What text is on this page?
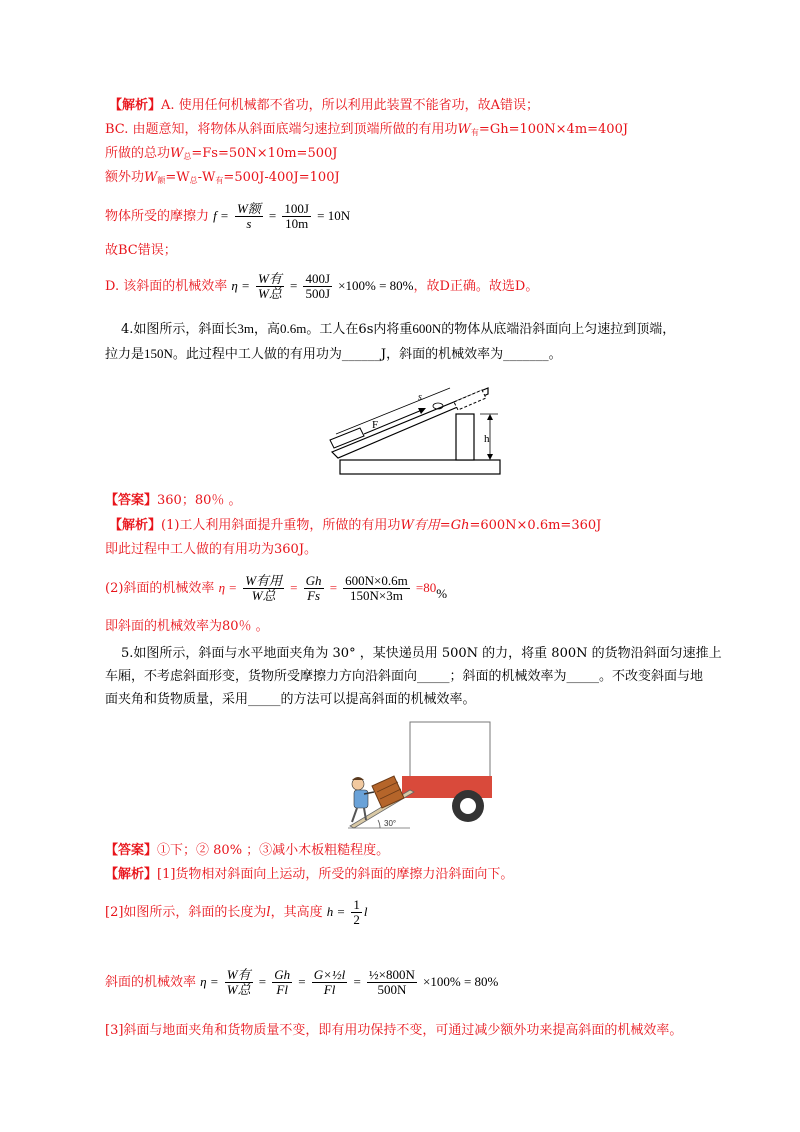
【解析】A. 使用任何机械都不省功，所以利用此装置不能省功，故A错误；
BC. 由题意知，将物体从斜面底端匀速拉到顶端所做的有用功$W_有=Gh=100N\times 4m=400J$
所做的总功$W_总=Fs=50N\times 10m=500J$
额外功$W_额=W_总-W_有=500J-400J=100J$
物体所受的摩擦力 $f = \frac{\text{W额}}{s} = \frac{100J}{10m} = 10N$
故BC错误；
D. 该斜面的机械效率 $\eta = \frac{\text{W有}}{\text{W总}} = \frac{400J}{500J} \times 100\% = 80\%$，故D正确。故选D。
4.如图所示，斜面长3m，高0.6m。工人在6s内将重600N的物体从底端沿斜面向上匀速拉到顶端，
拉力是150N。此过程中工人做的有用功为______J，斜面的机械效率为_______。
h
F
s
【答案】360；80％ 。
【解析】(1)工人利用斜面提升重物，所做的有用功W有用=Gh=600N×0.6m=360J
即此过程中工人做的有用功为360J。
(2)斜面的机械效率 $\eta = \frac{\text{W有用}}{\text{W总}} = \frac{Gh}{Fs} = \frac{600N\times 0.6m}{150N\times 3m} =80\%$
即斜面的机械效率为80％ 。
5.如图所示，斜面与水平地面夹角为 30° ，某快递员用 500N 的力，将重 800N 的货物沿斜面匀速推上
车厢，不考虑斜面形变，货物所受摩擦力方向沿斜面向_____；斜面的机械效率为_____。不改变斜面与地
面夹角和货物质量，采用_____的方法可以提高斜面的机械效率。
30°
【答案】①下；② 80% ；③减小木板粗糙程度。
【解析】[1]货物相对斜面向上运动，所受的斜面的摩擦力沿斜面向下。
[2]如图所示，斜面的长度为l，其高度 $h = \frac{1}{2}$ l
斜面的机械效率 $\eta = \frac{\text{W有}}{\text{W总}} = \frac{Gh}{Fl} = \frac{\text{G×½l}}{Fl} = \frac{\text{½×800N}}{500N} \times 100\% = 80\%$
[3]斜面与地面夹角和货物质量不变，即有用功保持不变，可通过减少额外功来提高斜面的机械效率。
